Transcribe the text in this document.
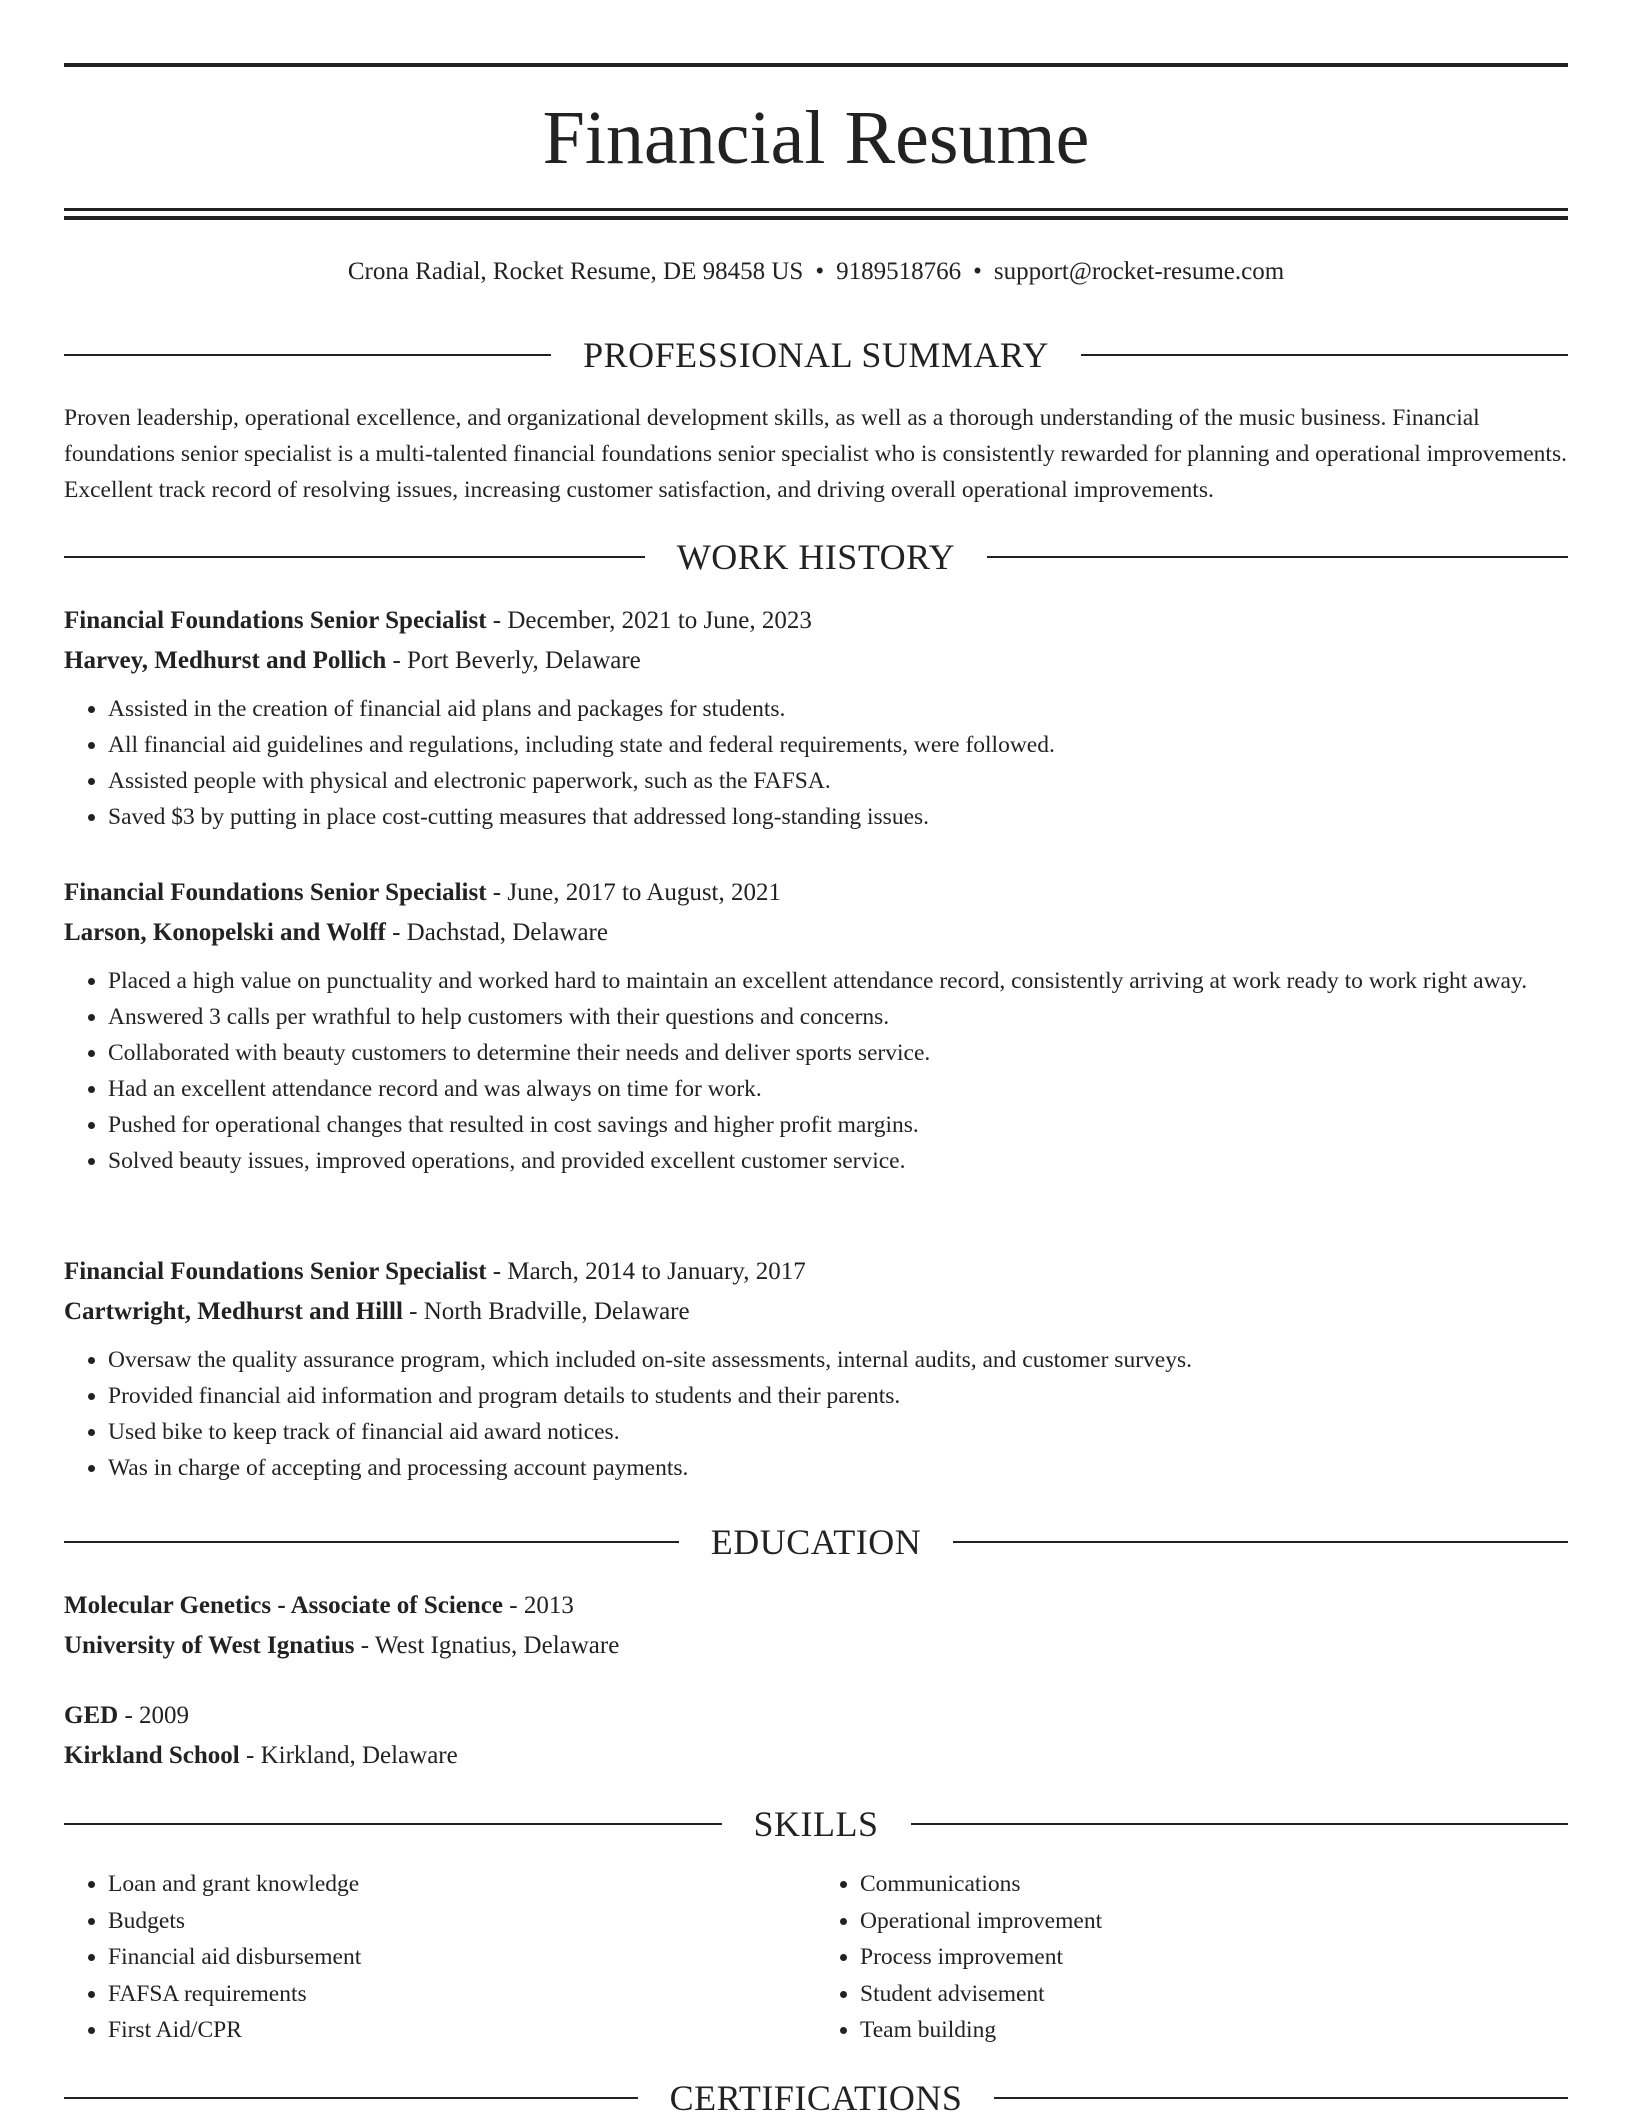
Financial Resume
Crona Radial, Rocket Resume, DE 98458 US • 9189518766 • support@rocket-resume.com
PROFESSIONAL SUMMARY

Proven leadership, operational excellence, and organizational development skills, as well as a thorough understanding of the music business. Financial foundations senior specialist is a multi-talented financial foundations senior specialist who is consistently rewarded for planning and operational improvements. Excellent track record of resolving issues, increasing customer satisfaction, and driving overall operational improvements.

WORK HISTORY
Financial Foundations Senior Specialist - December, 2021 to June, 2023
Harvey, Medhurst and Pollich - Port Beverly, Delaware
• Assisted in the creation of financial aid plans and packages for students.
• All financial aid guidelines and regulations, including state and federal requirements, were followed.
• Assisted people with physical and electronic paperwork, such as the FAFSA.
• Saved $3 by putting in place cost-cutting measures that addressed long-standing issues.
Financial Foundations Senior Specialist - June, 2017 to August, 2021
Larson, Konopelski and Wolff - Dachstad, Delaware
• Placed a high value on punctuality and worked hard to maintain an excellent attendance record, consistently arriving at work ready to work right away.
• Answered 3 calls per wrathful to help customers with their questions and concerns.
• Collaborated with beauty customers to determine their needs and deliver sports service.
• Had an excellent attendance record and was always on time for work.
• Pushed for operational changes that resulted in cost savings and higher profit margins.
• Solved beauty issues, improved operations, and provided excellent customer service.
Financial Foundations Senior Specialist - March, 2014 to January, 2017
Cartwright, Medhurst and Hilll - North Bradville, Delaware
• Oversaw the quality assurance program, which included on-site assessments, internal audits, and customer surveys.
• Provided financial aid information and program details to students and their parents.
• Used bike to keep track of financial aid award notices.
• Was in charge of accepting and processing account payments.
EDUCATION
Molecular Genetics - Associate of Science - 2013
University of West Ignatius - West Ignatius, Delaware
GED - 2009
Kirkland School - Kirkland, Delaware
SKILLS
• Loan and grant knowledge
• Budgets
• Financial aid disbursement
• FAFSA requirements
• First Aid/CPR
• Communications
• Operational improvement
• Process improvement
• Student advisement
• Team building
CERTIFICATIONS
